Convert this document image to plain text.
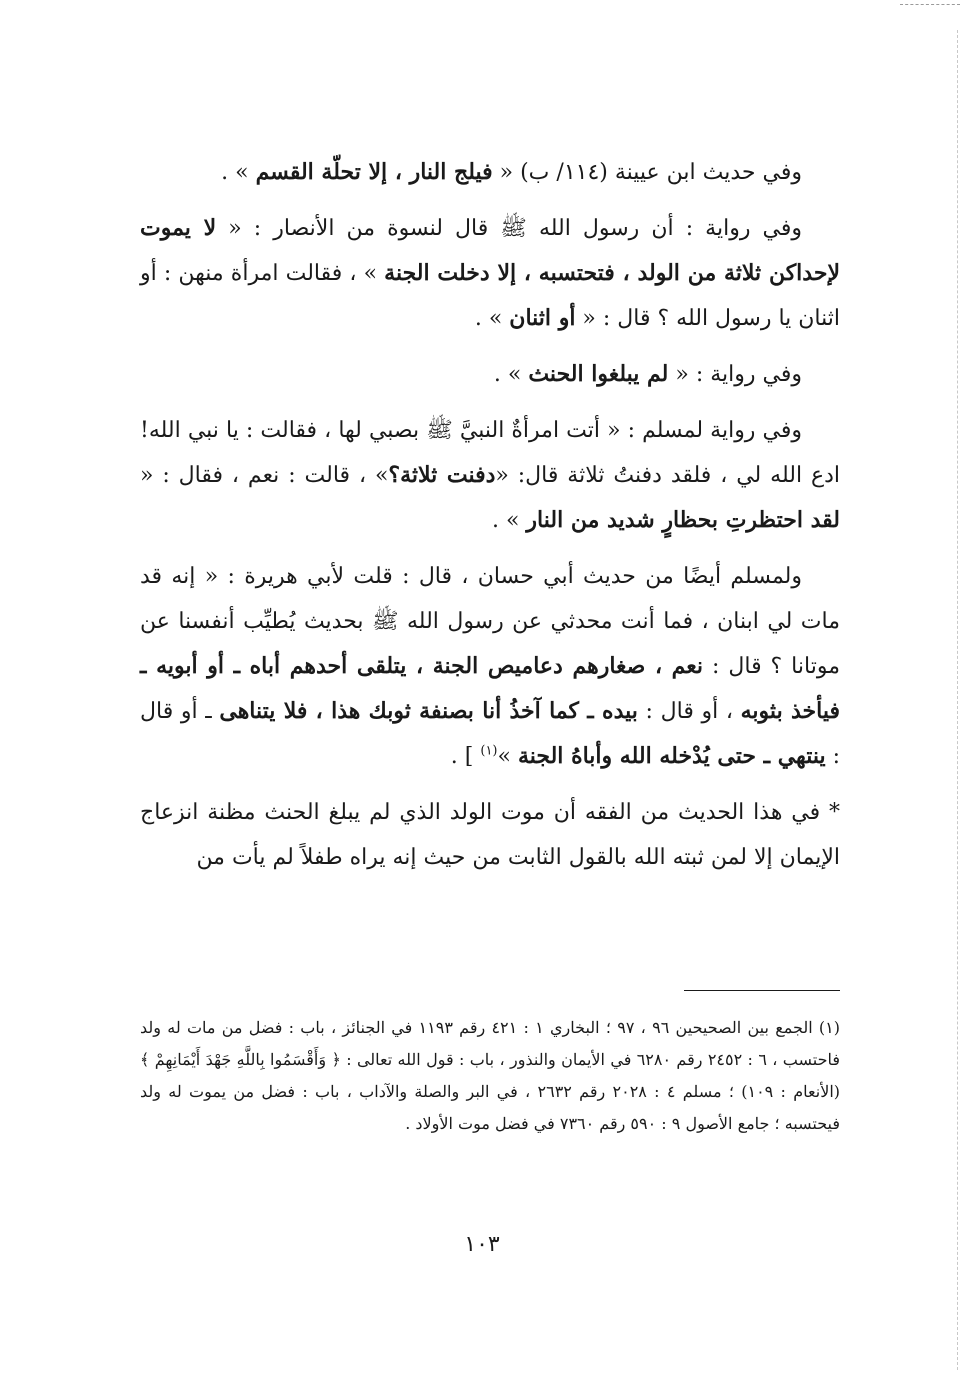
وفي حديث ابن عيينة (١١٤/ ب) « فيلج النار ، إلا تحلّة القسم » .

وفي رواية : أن رسول الله ﷺ قال لنسوة من الأنصار : « لا يموت لإحداكن ثلاثة من الولد ، فتحتسبه ، إلا دخلت الجنة » ، فقالت امرأة منهن : أو اثنان يا رسول الله ؟ قال : « أو اثنان » .

وفي رواية : « لم يبلغوا الحنث » .

وفي رواية لمسلم : « أتت امرأةٌ النبيَّ ﷺ بصبي لها ، فقالت : يا نبي الله! ادع الله لي ، فلقد دفنتُ ثلاثة قال: «دفنت ثلاثة؟» ، قالت : نعم ، فقال : « لقد احتظرتِ بحظارٍ شديد من النار » .

ولمسلم أيضًا من حديث أبي حسان ، قال : قلت لأبي هريرة : « إنه قد مات لي ابنان ، فما أنت محدثي عن رسول الله ﷺ بحديث يُطيِّب أنفسنا عن موتانا ؟ قال : نعم ، صغارهم دعاميص الجنة ، يتلقى أحدهم أباه ـ أو أبويه ـ فيأخذ بثوبه ، أو قال : بيده ـ كما آخذُ أنا بصنفة ثوبك هذا ، فلا يتناهى ـ أو قال : ينتهي ـ حتى يُدْخله الله وأباهُ الجنة »$^{(١)}$ ] .

* في هذا الحديث من الفقه أن موت الولد الذي لم يبلغ الحنث مظنة انزعاج الإيمان إلا لمن ثبته الله بالقول الثابت من حيث إنه يراه طفلاً لم يأت من

(١) الجمع بين الصحيحين ٩٦ ، ٩٧ ؛ البخاري ١ : ٤٢١ رقم ١١٩٣ في الجنائز ، باب : فضل من مات له ولد فاحتسب ، ٦ : ٢٤٥٢ رقم ٦٢٨٠ في الأيمان والنذور ، باب : قول الله تعالى : ﴿ وَأَقْسَمُوا بِاللَّهِ جَهْدَ أَيْمَانِهِمْ ﴾ (الأنعام : ١٠٩) ؛ مسلم ٤ : ٢٠٢٨ رقم ٢٦٣٢ ، في البر والصلة والآداب ، باب : فضل من يموت له ولد فيحتسبه ؛ جامع الأصول ٩ : ٥٩٠ رقم ٧٣٦٠ في فضل موت الأولاد .

١٠٣
